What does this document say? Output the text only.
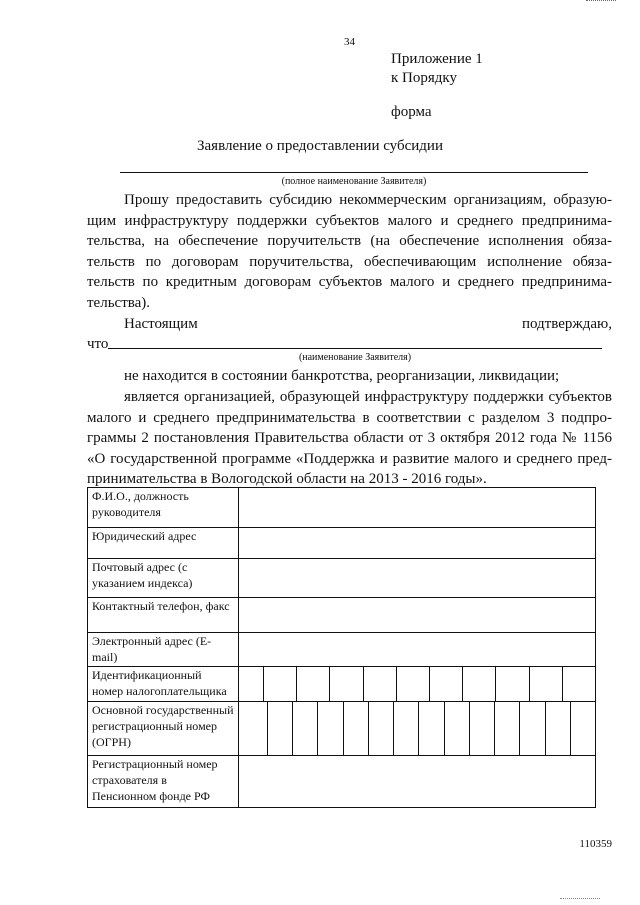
34
Приложение 1
к Порядку
форма
Заявление о предоставлении субсидии
(полное наименование Заявителя)
Прошу предоставить субсидию некоммерческим организациям, образую-
щим инфраструктуру поддержки субъектов малого и среднего предпринима-
тельства, на обеспечение поручительств (на обеспечение исполнения обяза-
тельств по договорам поручительства, обеспечивающим исполнение обяза-
тельств по кредитным договорам субъектов малого и среднего предпринима-
тельства).
Настоящим	подтверждаю,
что
(наименование Заявителя)
не находится в состоянии банкротства, реорганизации, ликвидации;
является организацией, образующей инфраструктуру поддержки субъектов
малого и среднего предпринимательства в соответствии с разделом 3 подпро-
граммы 2 постановления Правительства области от 3 октября 2012 года № 1156
«О государственной программе «Поддержка и развитие малого и среднего пред-
принимательства в Вологодской области на 2013 - 2016 годы».
Ф.И.О., должность руководителя	
Юридический адрес	
Почтовый адрес (с указанием индекса)	
Контактный телефон, факс	
Электронный адрес (E-mail)	
Идентификационный номер налогоплательщика	

Основной государственный регистрационный номер (ОГРН)	

Регистрационный номер страхователя в Пенсионном фонде РФ	
110359
